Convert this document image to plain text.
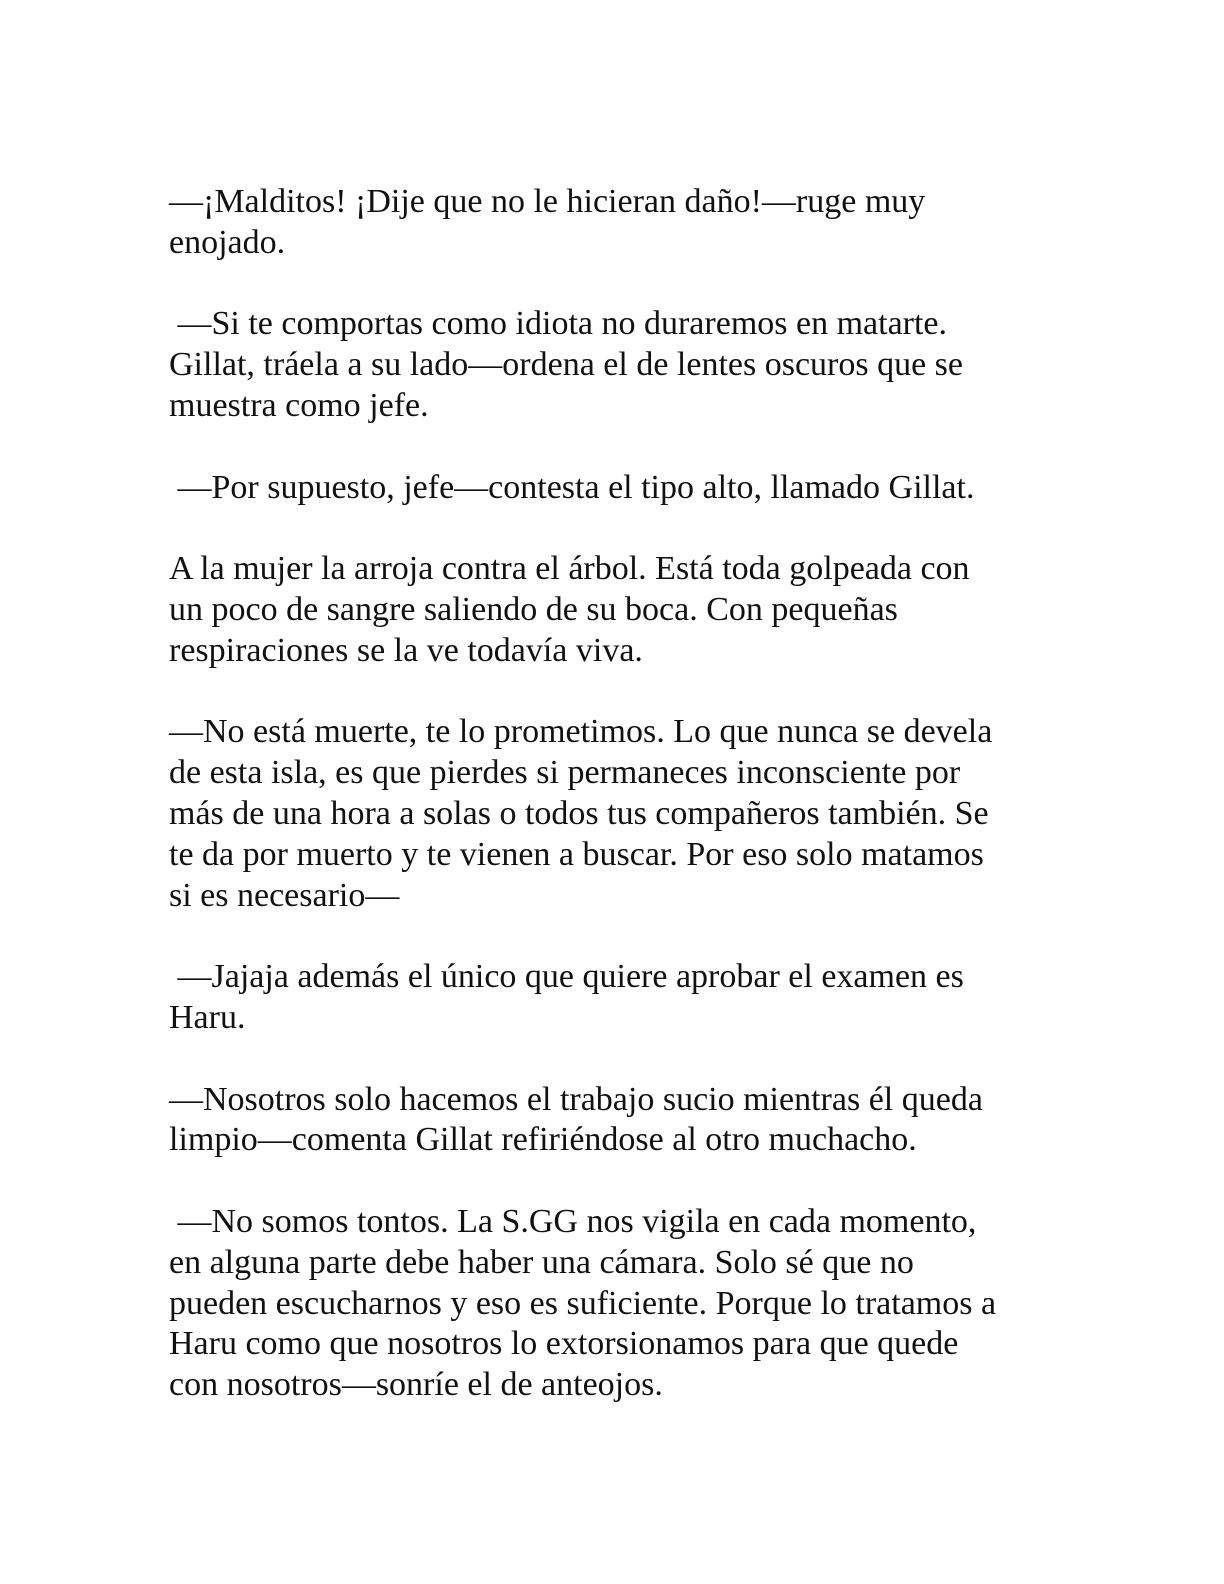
—¡Malditos! ¡Dije que no le hicieran daño!—ruge muy
enojado.

—Si te comportas como idiota no duraremos en matarte.
Gillat, tráela a su lado—ordena el de lentes oscuros que se
muestra como jefe.

—Por supuesto, jefe—contesta el tipo alto, llamado Gillat.

A la mujer la arroja contra el árbol. Está toda golpeada con
un poco de sangre saliendo de su boca. Con pequeñas
respiraciones se la ve todavía viva.

—No está muerte, te lo prometimos. Lo que nunca se devela
de esta isla, es que pierdes si permaneces inconsciente por
más de una hora a solas o todos tus compañeros también. Se
te da por muerto y te vienen a buscar. Por eso solo matamos
si es necesario—

—Jajaja además el único que quiere aprobar el examen es
Haru.

—Nosotros solo hacemos el trabajo sucio mientras él queda
limpio—comenta Gillat refiriéndose al otro muchacho.

—No somos tontos. La S.GG nos vigila en cada momento,
en alguna parte debe haber una cámara. Solo sé que no
pueden escucharnos y eso es suficiente. Porque lo tratamos a
Haru como que nosotros lo extorsionamos para que quede
con nosotros—sonríe el de anteojos.
